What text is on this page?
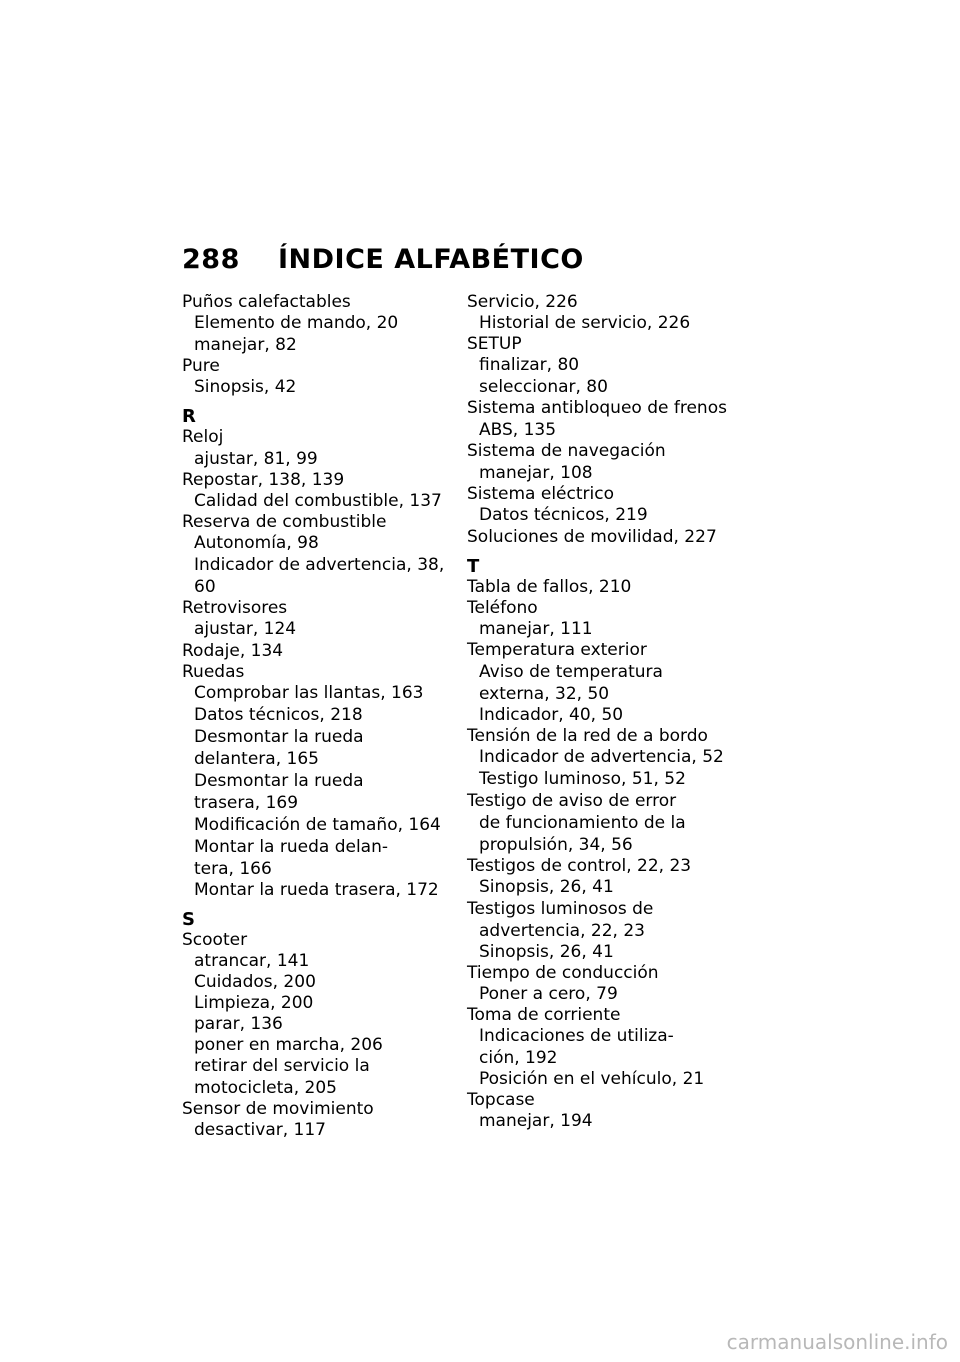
288 ÍNDICE ALFABÉTICO
Puños calefactables
Elemento de mando, 20
manejar, 82
Pure
Sinopsis, 42
R
Reloj
ajustar, 81, 99
Repostar, 138, 139
Calidad del combustible, 137
Reserva de combustible
Autonomía, 98
Indicador de advertencia, 38,
60
Retrovisores
ajustar, 124
Rodaje, 134
Ruedas
Comprobar las llantas, 163
Datos técnicos, 218
Desmontar la rueda
delantera, 165
Desmontar la rueda
trasera, 169
Modificación de tamaño, 164
Montar la rueda delan-
tera, 166
Montar la rueda trasera, 172
S
Scooter
atrancar, 141
Cuidados, 200
Limpieza, 200
parar, 136
poner en marcha, 206
retirar del servicio la
motocicleta, 205
Sensor de movimiento
desactivar, 117
Servicio, 226
Historial de servicio, 226
SETUP
finalizar, 80
seleccionar, 80
Sistema antibloqueo de frenos
ABS, 135
Sistema de navegación
manejar, 108
Sistema eléctrico
Datos técnicos, 219
Soluciones de movilidad, 227
T
Tabla de fallos, 210
Teléfono
manejar, 111
Temperatura exterior
Aviso de temperatura
externa, 32, 50
Indicador, 40, 50
Tensión de la red de a bordo
Indicador de advertencia, 52
Testigo luminoso, 51, 52
Testigo de aviso de error
de funcionamiento de la
propulsión, 34, 56
Testigos de control, 22, 23
Sinopsis, 26, 41
Testigos luminosos de
advertencia, 22, 23
Sinopsis, 26, 41
Tiempo de conducción
Poner a cero, 79
Toma de corriente
Indicaciones de utiliza-
ción, 192
Posición en el vehículo, 21
Topcase
manejar, 194
carmanualsonline.info
